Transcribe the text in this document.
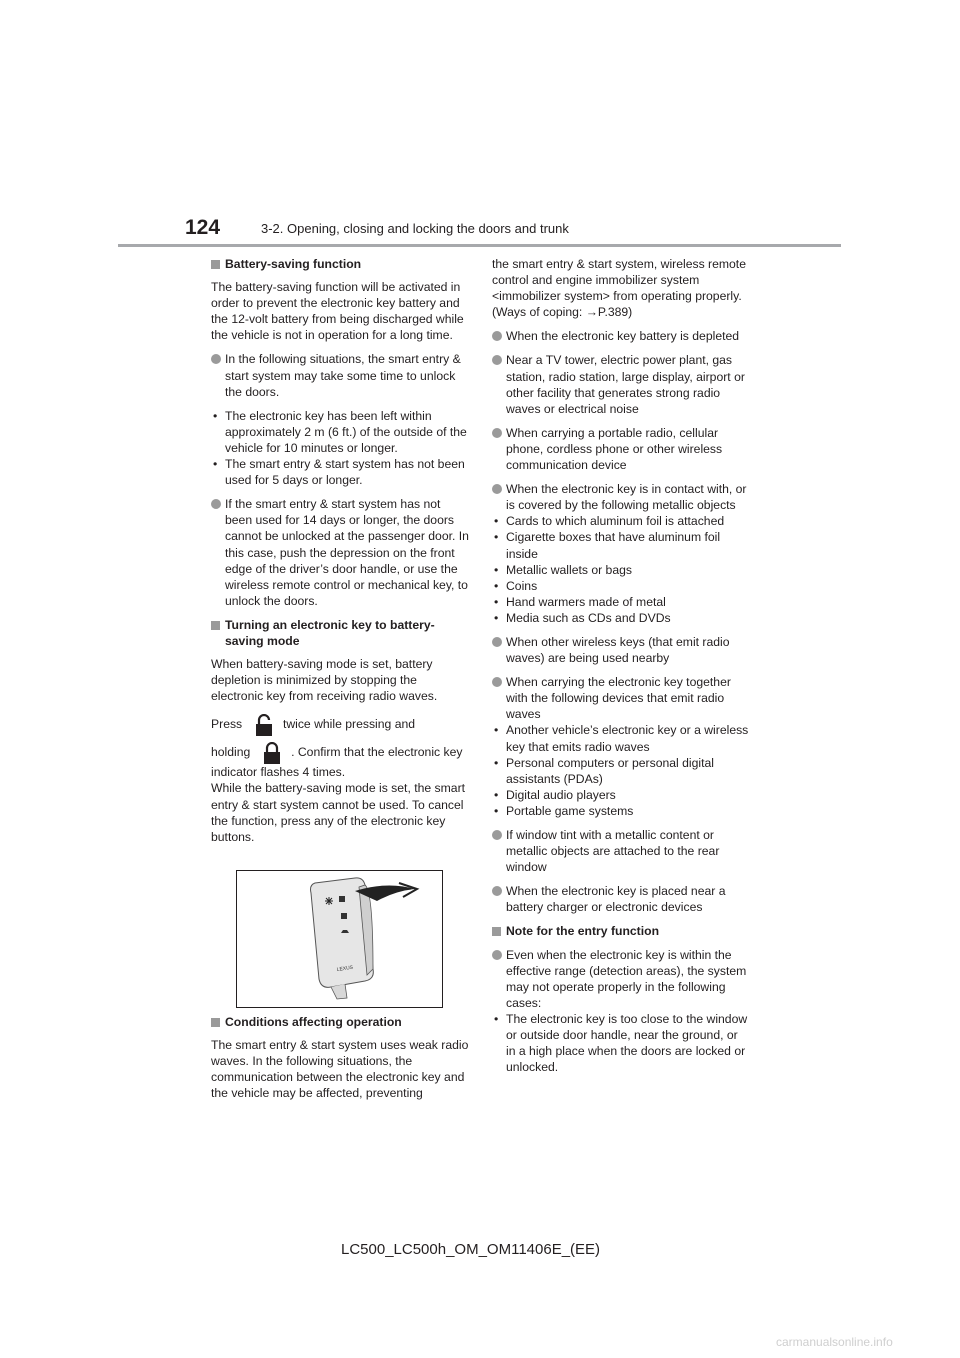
124	3-2. Opening, closing and locking the doors and trunk

Battery-saving function

The battery-saving function will be activated in order to prevent the electronic key battery and the 12-volt battery from being discharged while the vehicle is not in operation for a long time.

In the following situations, the smart entry & start system may take some time to unlock the doors.

• The electronic key has been left within approximately 2 m (6 ft.) of the outside of the vehicle for 10 minutes or longer.

• The smart entry & start system has not been used for 5 days or longer.

If the smart entry & start system has not been used for 14 days or longer, the doors cannot be unlocked at the passenger door. In this case, push the depression on the front edge of the driver’s door handle, or use the wireless remote control or mechanical key, to unlock the doors.

Turning an electronic key to battery-saving mode

When battery-saving mode is set, battery depletion is minimized by stopping the electronic key from receiving radio waves.

Press	twice while pressing and

holding	. Confirm that the electronic key indicator flashes 4 times.

While the battery-saving mode is set, the smart entry & start system cannot be used. To cancel the function, press any of the electronic key buttons.

LEXUS

Conditions affecting operation

The smart entry & start system uses weak radio waves. In the following situations, the communication between the electronic key and the vehicle may be affected, preventing

the smart entry & start system, wireless remote control and engine immobilizer system <immobilizer system> from operating properly. (Ways of coping: →P.389)

When the electronic key battery is depleted

Near a TV tower, electric power plant, gas station, radio station, large display, airport or other facility that generates strong radio waves or electrical noise

When carrying a portable radio, cellular phone, cordless phone or other wireless communication device

When the electronic key is in contact with, or is covered by the following metallic objects

• Cards to which aluminum foil is attached

• Cigarette boxes that have aluminum foil inside

• Metallic wallets or bags

• Coins

• Hand warmers made of metal

• Media such as CDs and DVDs

When other wireless keys (that emit radio waves) are being used nearby

When carrying the electronic key together with the following devices that emit radio waves

• Another vehicle’s electronic key or a wireless key that emits radio waves

• Personal computers or personal digital assistants (PDAs)

• Digital audio players

• Portable game systems

If window tint with a metallic content or metallic objects are attached to the rear window

When the electronic key is placed near a battery charger or electronic devices

Note for the entry function

Even when the electronic key is within the effective range (detection areas), the system may not operate properly in the following cases:

• The electronic key is too close to the window or outside door handle, near the ground, or in a high place when the doors are locked or unlocked.

LC500_LC500h_OM_OM11406E_(EE)
carmanualsonline.info
